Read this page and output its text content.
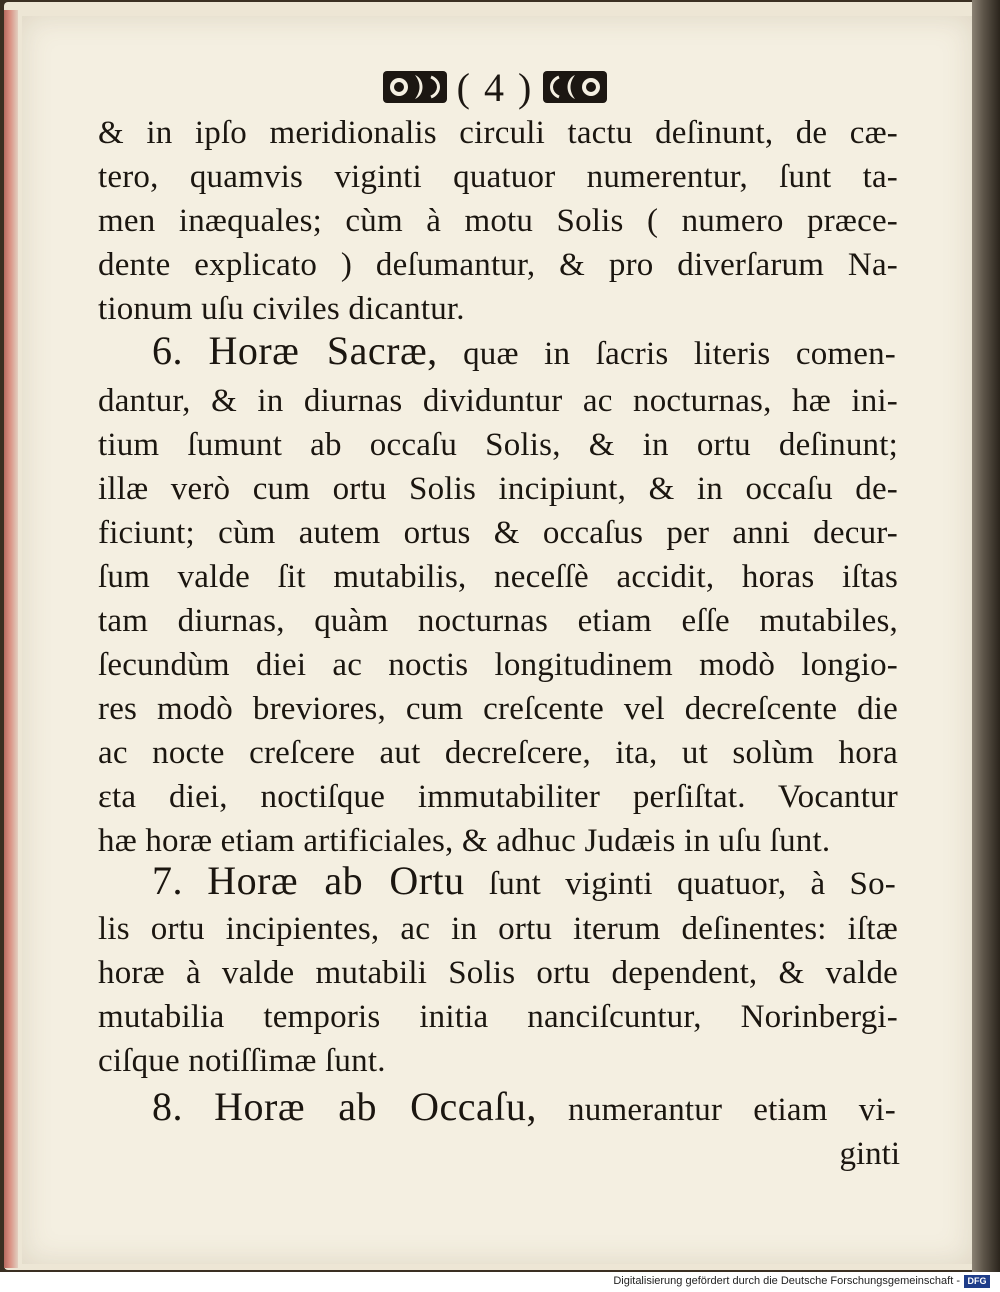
( 4 )
& in ipſo meridionalis circuli tactu deſinunt, de cæ-
tero, quamvis viginti quatuor numerentur, ſunt ta-
men inæquales; cùm à motu Solis ( numero præce-
dente explicato ) deſumantur, & pro diverſarum Na-
tionum uſu civiles dicantur.
6. Horæ Sacræ, quæ in ſacris literis comen-
dantur, & in diurnas dividuntur ac nocturnas, hæ ini-
tium ſumunt ab occaſu Solis, & in ortu deſinunt;
illæ verò cum ortu Solis incipiunt, & in occaſu de-
ficiunt; cùm autem ortus & occaſus per anni decur-
ſum valde ſit mutabilis, neceſſè accidit, horas iſtas
tam diurnas, quàm nocturnas etiam eſſe mutabiles,
ſecundùm diei ac noctis longitudinem modò longio-
res modò breviores, cum creſcente vel decreſcente die
ac nocte creſcere aut decreſcere, ita, ut solùm hora
ɛta diei, noctiſque immutabiliter perſiſtat. Vocantur
hæ horæ etiam artificiales, & adhuc Judæis in uſu ſunt.
7. Horæ ab Ortu ſunt viginti quatuor, à So-
lis ortu incipientes, ac in ortu iterum deſinentes: iſtæ
horæ à valde mutabili Solis ortu dependent, & valde
mutabilia temporis initia nanciſcuntur, Norinbergi-
ciſque notiſſimæ ſunt.
8. Horæ ab Occaſu, numerantur etiam vi-
ginti
Digitalisierung gefördert durch die Deutsche Forschungsgemeinschaft - DFG
